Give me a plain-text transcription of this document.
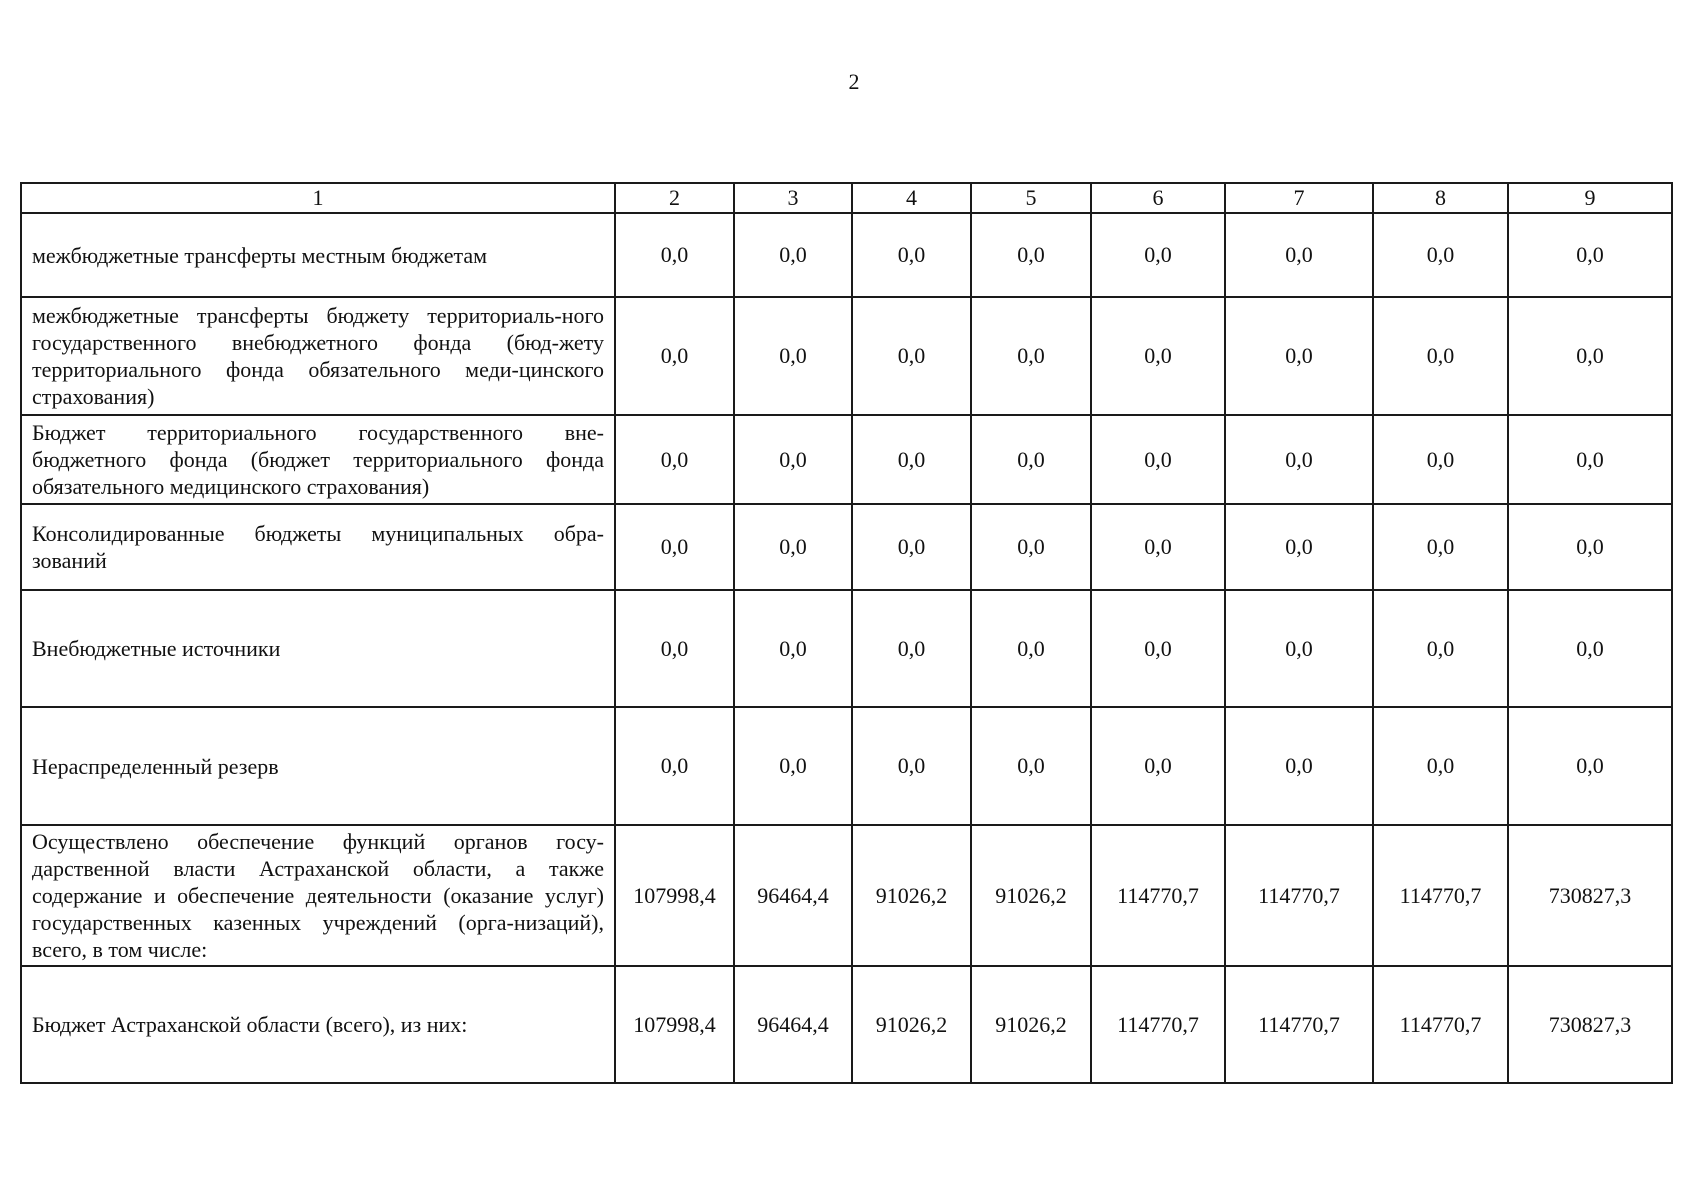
2
1	2	3	4	5	6	7	8	9
межбюджетные трансферты местным бюджетам	0,0	0,0	0,0	0,0	0,0	0,0	0,0	0,0
межбюджетные трансферты бюджету территориаль-ного государственного внебюджетного фонда (бюд-жету территориального фонда обязательного меди-цинского страхования)	0,0	0,0	0,0	0,0	0,0	0,0	0,0	0,0
Бюджет территориального государственного вне-бюджетного фонда (бюджет территориального фонда обязательного медицинского страхования)	0,0	0,0	0,0	0,0	0,0	0,0	0,0	0,0
Консолидированные бюджеты муниципальных обра-зований	0,0	0,0	0,0	0,0	0,0	0,0	0,0	0,0
Внебюджетные источники	0,0	0,0	0,0	0,0	0,0	0,0	0,0	0,0
Нераспределенный резерв	0,0	0,0	0,0	0,0	0,0	0,0	0,0	0,0
Осуществлено обеспечение функций органов госу-дарственной власти Астраханской области, а также содержание и обеспечение деятельности (оказание услуг) государственных казенных учреждений (орга-низаций), всего, в том числе:	107998,4	96464,4	91026,2	91026,2	114770,7	114770,7	114770,7	730827,3
Бюджет Астраханской области (всего), из них:	107998,4	96464,4	91026,2	91026,2	114770,7	114770,7	114770,7	730827,3
